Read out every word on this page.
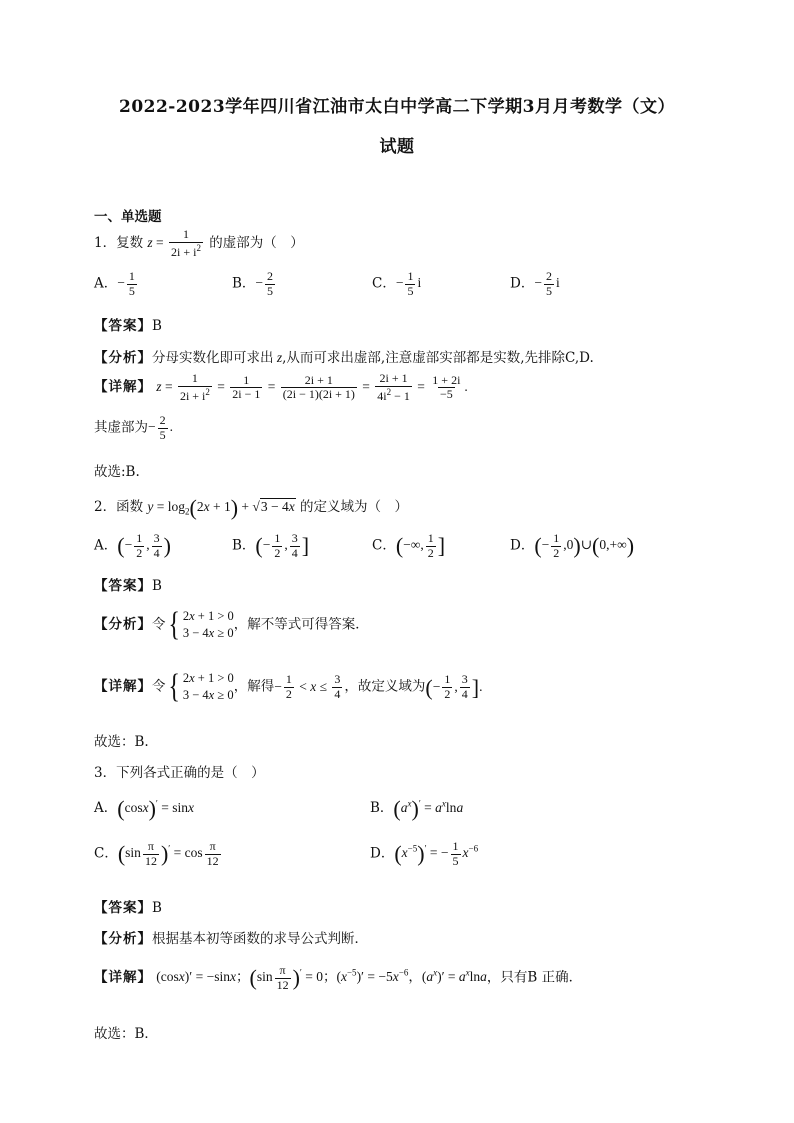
2022-2023学年四川省江油市太白中学高二下学期3月月考数学（文）
试题
一、单选题
1．复数 $z = \frac{1}{2i + i^2}$ 的虚部为（　）
A．− $\frac{1}{5}$	B．− $\frac{2}{5}$	C．− $\frac{1}{5}$ i	D．− $\frac{2}{5}$ i
【答案】B
【分析】分母实数化即可求出 z,从而可求出虚部,注意虚部实部都是实数,先排除C,D.
【详解】 $z = \frac{1}{2i + i^2} = \frac{1}{2i - 1} = \frac{2i + 1}{(2i - 1)(2i + 1)} = \frac{2i + 1}{4i^2 - 1} = \frac{1 + 2i}{-5}$ .
其虚部为− $\frac{2}{5}$ .
故选:B.
2．函数 $y = \log_2(2x + 1) + √3 - 4x$ 的定义域为（　）
A．(− $\frac{1}{2}$ , $\frac{3}{4}$ )	B．(− $\frac{1}{2}$ , $\frac{3}{4}$ ]	C．(−∞, $\frac{1}{2}$ ]	D．(− $\frac{1}{2}$ ,0)∪(0,+∞)
【答案】B
【分析】令 { 2x + 1 > 0
3 − 4x ≥ 0
，解不等式可得答案．
【详解】令 { 2x + 1 > 0
3 − 4x ≥ 0
，解得− $\frac{1}{2} < x \le \frac{3}{4}$ ，故定义域为(− $\frac{1}{2}$ , $\frac{3}{4}$ ].
故选：B.
3．下列各式正确的是（　）
A．(cosx)′ = sinx	B．$(a^x)' = a^x\ln a$
C．$(\sin \frac{\pi}{12} )' = \cos \frac{\pi}{12}$	D．$(x^{-5})'$ = − $\frac{1}{5} x^{-6}$
【答案】B
【分析】根据基本初等函数的求导公式判断．
【详解】 (cosx)′ = −sinx；$(\sin \frac{\pi}{12} )' = 0$；$(x^{-5})' = -5x^{-6}$，$(a^x)' = a^x\ln a$，只有B 正确．
故选：B．
